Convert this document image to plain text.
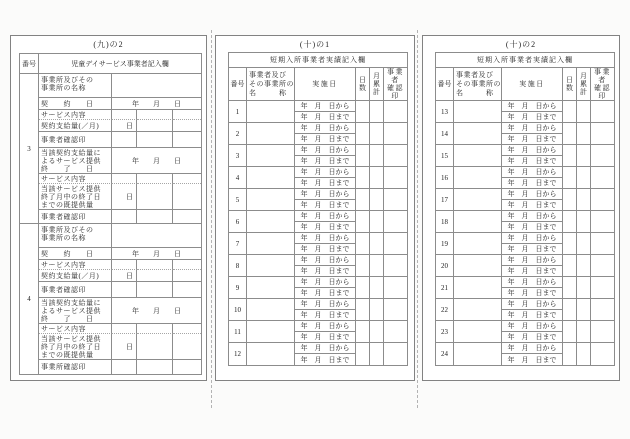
(九)の2
番号	児童デイサービス事業者記入欄			
3	事業所及びその
事業所の名称			

	契　　約　　日	年　　月　　日		
	サービス内容			
	契約支給量(／月)	日		
	事業者確認印			

	当該契約支給量に
よるサービス提供
終　　了　　日	年　　月　　日		
	サービス内容			

	当該サービス提供
終了月中の終了日
までの既提供量	日		
	事業者確認印			
4	事業所及びその
事業所の名称			

	契　　約　　日	年　　月　　日		
	サービス内容			
	契約支給量(／月)	日		
	事業者確認印			

	当該契約支給量に
よるサービス提供
終　　了　　日	年　　月　　日		
	サービス内容			

	当該サービス提供
終了月中の終了日
までの既提供量	日		
	事業所確認印			
(十)の1
短期入所事業者実績記入欄					
番号	
事業者及び
その事業所の
名　　　称
	実施日	日数	月累計	事業者
確認印

1		年　月　日から			
		年　月　日まで			
2		年　月　日から			
		年　月　日まで			
3		年　月　日から			
		年　月　日まで			
4		年　月　日から			
		年　月　日まで			
5		年　月　日から			
		年　月　日まで			
6		年　月　日から			
		年　月　日まで			
7		年　月　日から			
		年　月　日まで			
8		年　月　日から			
		年　月　日まで			
9		年　月　日から			
		年　月　日まで			
10		年　月　日から			
		年　月　日まで			
11		年　月　日から			
		年　月　日まで			
12		年　月　日から			
		年　月　日まで			
(十)の2
短期入所事業者実績記入欄					
番号	
事業者及び
その事業所の
名　　　称
	実施日	日数	月累計	事業者
確認印

13		年　月　日から			
		年　月　日まで			
14		年　月　日から			
		年　月　日まで			
15		年　月　日から			
		年　月　日まで			
16		年　月　日から			
		年　月　日まで			
17		年　月　日から			
		年　月　日まで			
18		年　月　日から			
		年　月　日まで			
19		年　月　日から			
		年　月　日まで			
20		年　月　日から			
		年　月　日まで			
21		年　月　日から			
		年　月　日まで			
22		年　月　日から			
		年　月　日まで			
23		年　月　日から			
		年　月　日まで			
24		年　月　日から			
		年　月　日まで			
